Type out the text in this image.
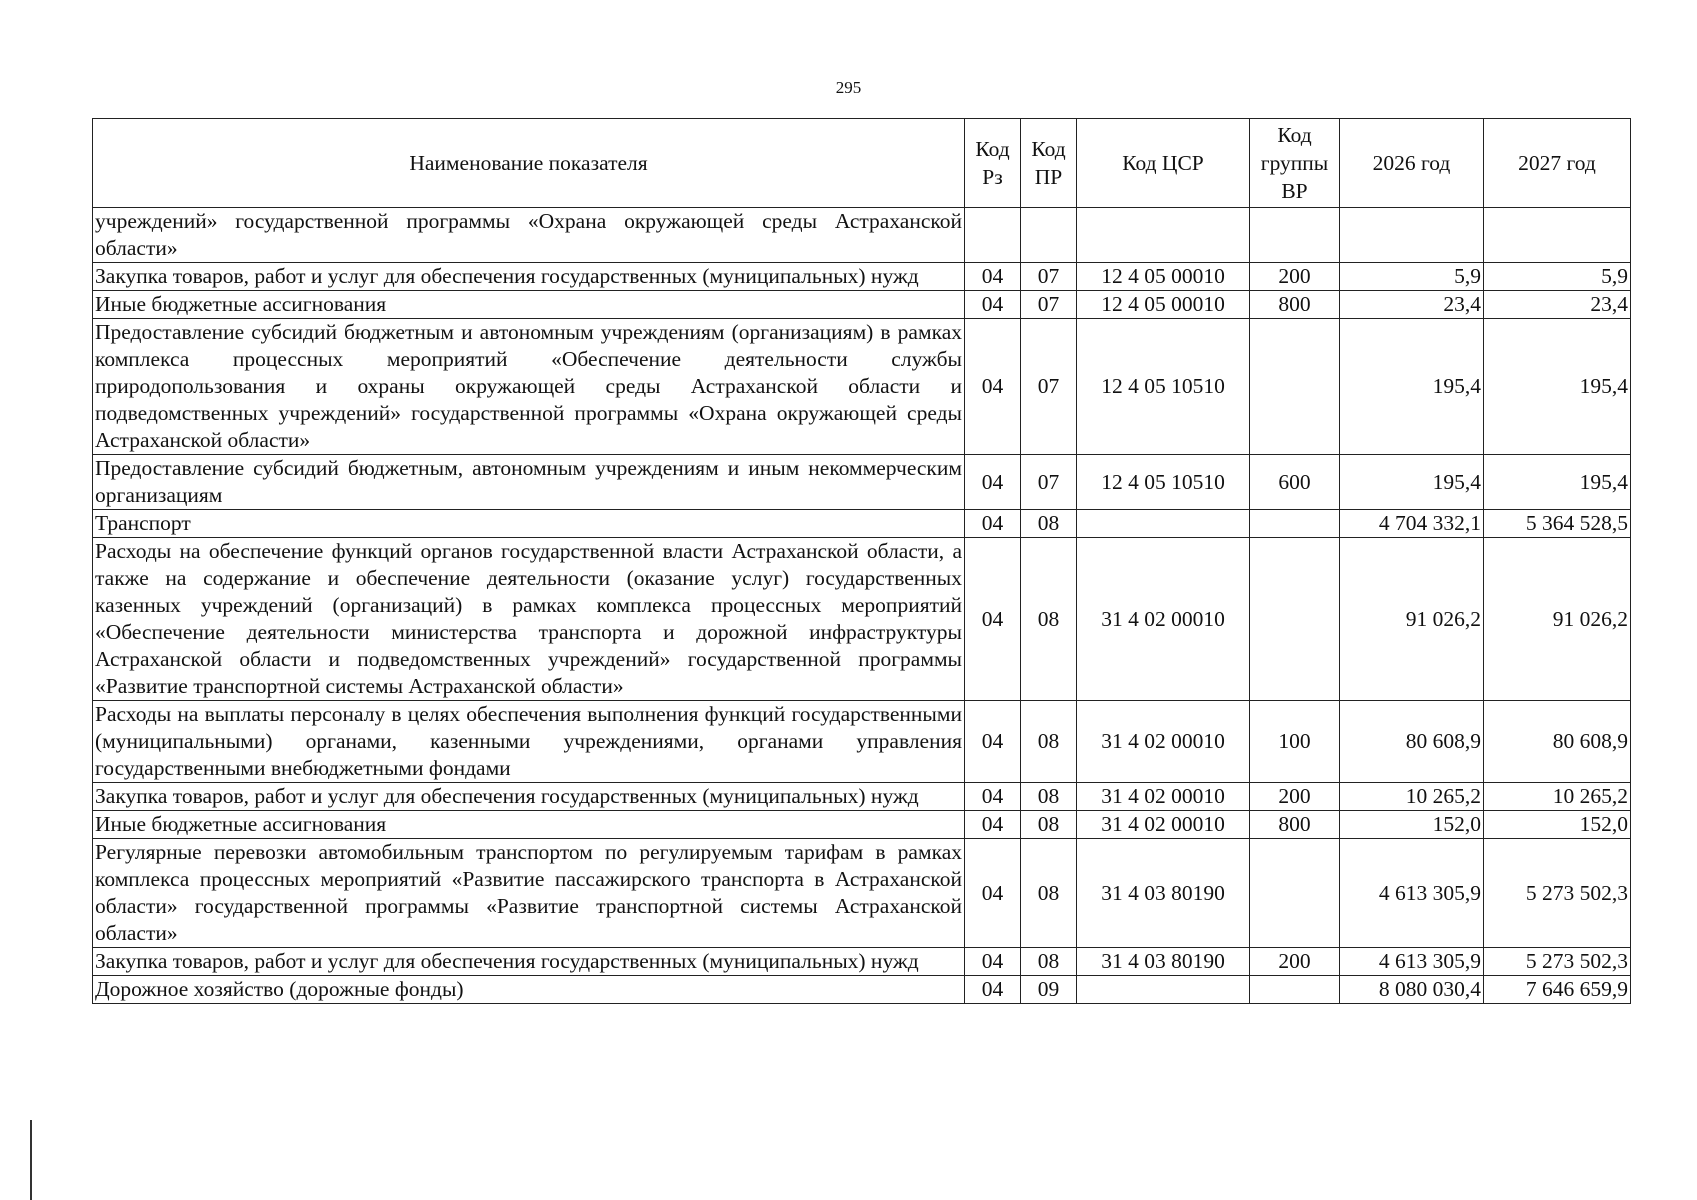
295
Наименование показателя	Код Рз	Код ПР	Код ЦСР	Код группы ВР	2026 год	2027 год
учреждений» государственной программы «Охрана окружающей среды Астраханской области»						
Закупка товаров, работ и услуг для обеспечения государственных (муниципальных) нужд	04	07	12 4 05 00010	200	5,9	5,9
Иные бюджетные ассигнования	04	07	12 4 05 00010	800	23,4	23,4
Предоставление субсидий бюджетным и автономным учреждениям (организациям) в рамках комплекса процессных мероприятий «Обеспечение деятельности службы природопользования и охраны окружающей среды Астраханской области и подведомственных учреждений» государственной программы «Охрана окружающей среды Астраханской области»	04	07	12 4 05 10510		195,4	195,4
Предоставление субсидий бюджетным, автономным учреждениям и иным некоммерческим организациям	04	07	12 4 05 10510	600	195,4	195,4
Транспорт	04	08			4 704 332,1	5 364 528,5
Расходы на обеспечение функций органов государственной власти Астраханской области, а также на содержание и обеспечение деятельности (оказание услуг) государственных казенных учреждений (организаций) в рамках комплекса процессных мероприятий «Обеспечение деятельности министерства транспорта и дорожной инфраструктуры Астраханской области и подведомственных учреждений» государственной программы «Развитие транспортной системы Астраханской области»	04	08	31 4 02 00010		91 026,2	91 026,2
Расходы на выплаты персоналу в целях обеспечения выполнения функций государственными (муниципальными) органами, казенными учреждениями, органами управления государственными внебюджетными фондами	04	08	31 4 02 00010	100	80 608,9	80 608,9
Закупка товаров, работ и услуг для обеспечения государственных (муниципальных) нужд	04	08	31 4 02 00010	200	10 265,2	10 265,2
Иные бюджетные ассигнования	04	08	31 4 02 00010	800	152,0	152,0
Регулярные перевозки автомобильным транспортом по регулируемым тарифам в рамках комплекса процессных мероприятий «Развитие пассажирского транспорта в Астраханской области» государственной программы «Развитие транспортной системы Астраханской области»	04	08	31 4 03 80190		4 613 305,9	5 273 502,3
Закупка товаров, работ и услуг для обеспечения государственных (муниципальных) нужд	04	08	31 4 03 80190	200	4 613 305,9	5 273 502,3
Дорожное хозяйство (дорожные фонды)	04	09			8 080 030,4	7 646 659,9
